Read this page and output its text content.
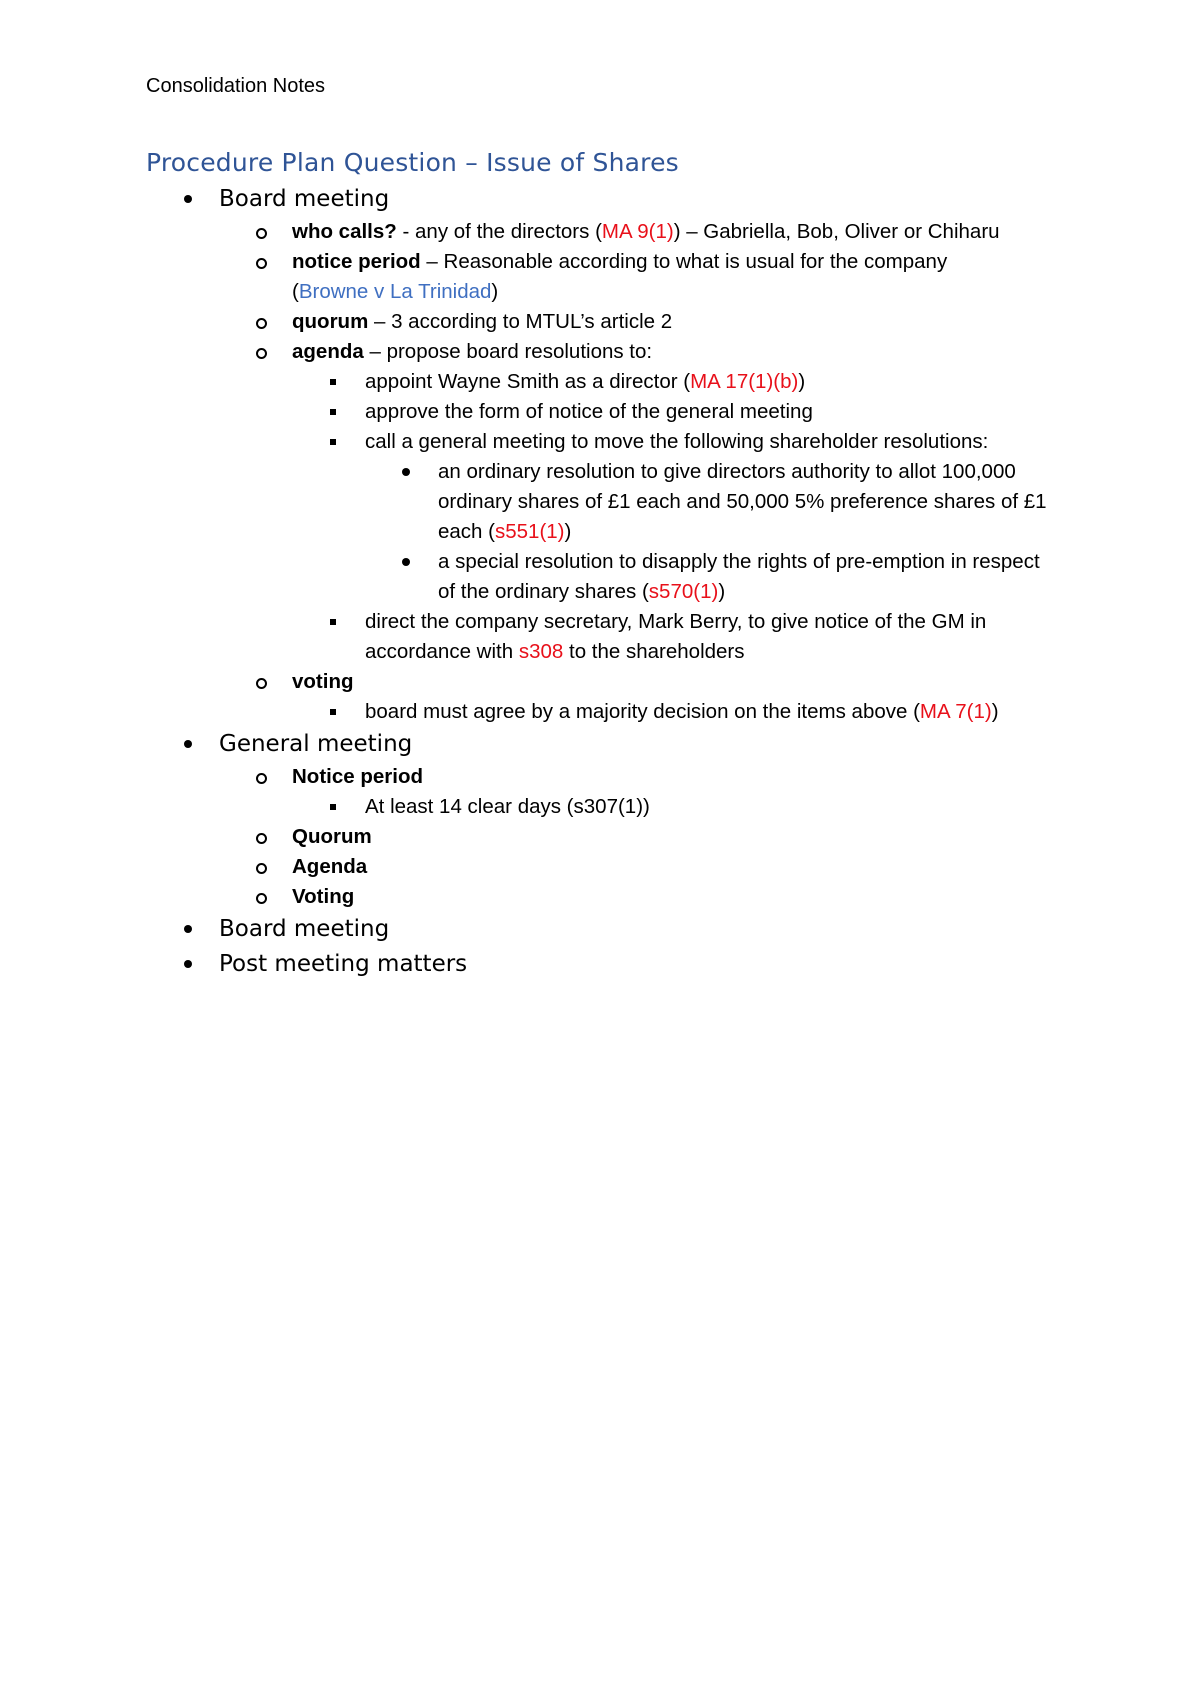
Consolidation Notes
Procedure Plan Question – Issue of Shares
Board meeting
who calls? - any of the directors (MA 9(1)) – Gabriella, Bob, Oliver or Chiharu
notice period – Reasonable according to what is usual for the company (Browne v La Trinidad)
quorum – 3 according to MTUL’s article 2
agenda – propose board resolutions to:
appoint Wayne Smith as a director (MA 17(1)(b))
approve the form of notice of the general meeting
call a general meeting to move the following shareholder resolutions:
an ordinary resolution to give directors authority to allot 100,000 ordinary shares of £1 each and 50,000 5% preference shares of £1 each (s551(1))
a special resolution to disapply the rights of pre-emption in respect of the ordinary shares (s570(1))
direct the company secretary, Mark Berry, to give notice of the GM in accordance with s308 to the shareholders
voting
board must agree by a majority decision on the items above (MA 7(1))
General meeting
Notice period
At least 14 clear days (s307(1))
Quorum
Agenda
Voting
Board meeting
Post meeting matters
